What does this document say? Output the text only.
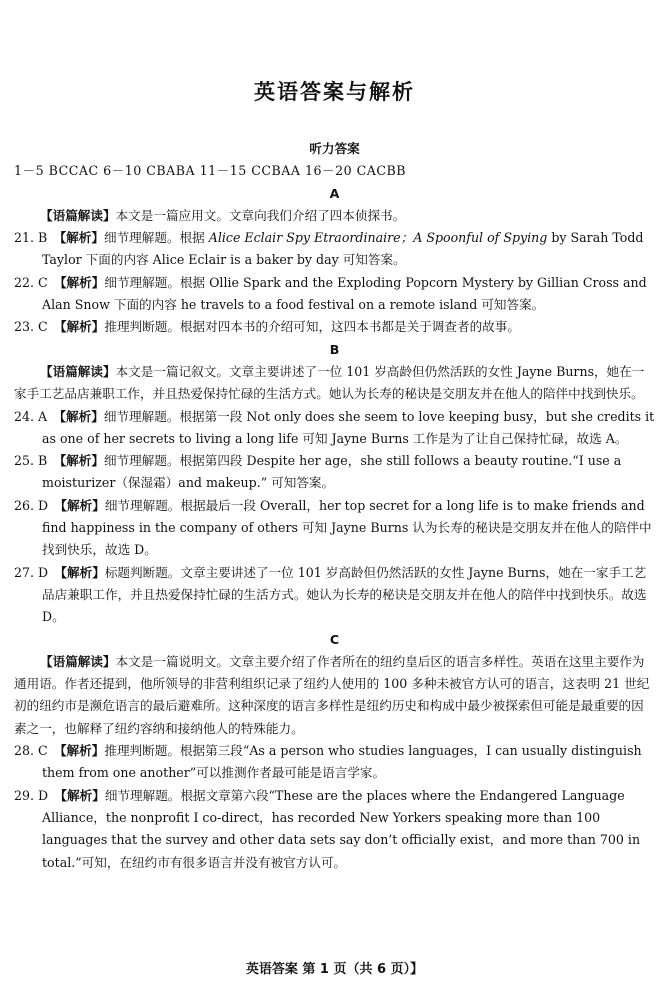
英语答案与解析
听力答案
1－5 BCCAC 6－10 CBABA 11－15 CCBAA 16－20 CACBB
A
【语篇解读】本文是一篇应用文。文章向我们介绍了四本侦探书。
21. B　 【解析】细节理解题。根据 Alice Eclair Spy Etraordinaire；A Spoonful of Spying by Sarah Todd Taylor 下面的内容 Alice Eclair is a baker by day 可知答案。
22. C　 【解析】细节理解题。根据 Ollie Spark and the Exploding Popcorn Mystery by Gillian Cross and Alan Snow 下面的内容 he travels to a food festival on a remote island 可知答案。
23. C　 【解析】推理判断题。根据对四本书的介绍可知，这四本书都是关于调查者的故事。
B
【语篇解读】本文是一篇记叙文。文章主要讲述了一位 101 岁高龄但仍然活跃的女性 Jayne Burns，她在一家手工艺品店兼职工作，并且热爱保持忙碌的生活方式。她认为长寿的秘诀是交朋友并在他人的陪伴中找到快乐。
24. A　 【解析】细节理解题。根据第一段 Not only does she seem to love keeping busy，but she credits it as one of her secrets to living a long life 可知 Jayne Burns 工作是为了让自己保持忙碌，故选 A。
25. B　 【解析】细节理解题。根据第四段 Despite her age，she still follows a beauty routine.“I use a moisturizer（保湿霜）and makeup.” 可知答案。
26. D　 【解析】细节理解题。根据最后一段 Overall，her top secret for a long life is to make friends and find happiness in the company of others 可知 Jayne Burns 认为长寿的秘诀是交朋友并在他人的陪伴中找到快乐，故选 D。
27. D　 【解析】标题判断题。文章主要讲述了一位 101 岁高龄但仍然活跃的女性 Jayne Burns，她在一家手工艺品店兼职工作，并且热爱保持忙碌的生活方式。她认为长寿的秘诀是交朋友并在他人的陪伴中找到快乐。故选 D。
C
【语篇解读】本文是一篇说明文。文章主要介绍了作者所在的纽约皇后区的语言多样性。英语在这里主要作为通用语。作者还提到，他所领导的非营利组织记录了纽约人使用的 100 多种未被官方认可的语言，这表明 21 世纪初的纽约市是濒危语言的最后避难所。这种深度的语言多样性是纽约历史和构成中最少被探索但可能是最重要的因素之一，也解释了纽约容纳和接纳他人的特殊能力。
28. C　 【解析】推理判断题。根据第三段“As a person who studies languages，I can usually distinguish them from one another”可以推测作者最可能是语言学家。
29. D　 【解析】细节理解题。根据文章第六段“These are the places where the Endangered Language Alliance，the nonprofit I co-direct，has recorded New Yorkers speaking more than 100 languages that the survey and other data sets say don’t officially exist，and more than 700 in total.”可知，在纽约市有很多语言并没有被官方认可。
英语答案 第 1 页（共 6 页）】
